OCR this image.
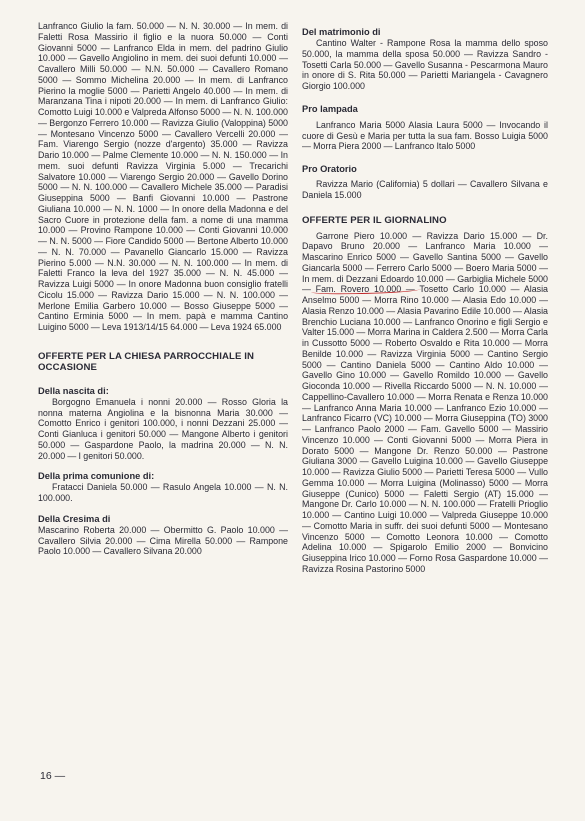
Lanfranco Giulio la fam. 50.000 — N. N. 30.000 — In mem. di Faletti Rosa Massirio il figlio e la nuora 50.000 — Conti Giovanni 5000 — Lanfranco Elda in mem. del padrino Giulio 10.000 — Gavello Angiolino in mem. dei suoi defunti 10.000 — Cavallero Milli 50.000 — N.N. 50.000 — Cavallero Romano 5000 — Sommo Michelina 20.000 — In mem. di Lanfranco Pierino la moglie 5000 — Parietti Angelo 40.000 — In mem. di Maranzana Tina i nipoti 20.000 — In mem. di Lanfranco Giulio: Comotto Luigi 10.000 e Valpreda Alfonso 5000 — N. N. 100.000 — Bergonzo Ferrero 10.000 — Ravizza Giulio (Valoppina) 5000 — Montesano Vincenzo 5000 — Cavallero Vercelli 20.000 — Fam. Viarengo Sergio (nozze d'argento) 35.000 — Ravizza Dario 10.000 — Palme Clemente 10.000 — N. N. 150.000 — In mem. suoi defunti Ravizza Virginia 5.000 — Trecarichi Salvatore 10.000 — Viarengo Sergio 20.000 — Gavello Dorino 5000 — N. N. 100.000 — Cavallero Michele 35.000 — Paradisi Giuseppina 5000 — Banfi Giovanni 10.000 — Pastrone Giuliana 10.000 — N. N. 1000 — In onore della Madonna e del Sacro Cuore in protezione della fam. a nome di una mamma 10.000 — Provino Rampone 10.000 — Conti Giovanni 10.000 — N. N. 5000 — Fiore Candido 5000 — Bertone Alberto 10.000 — N. N. 70.000 — Pavanello Giancarlo 15.000 — Ravizza Pierino 5.000 — N.N. 30.000 — N. N. 100.000 — In mem. di Faletti Franco la leva del 1927 35.000 — N. N. 45.000 — Ravizza Luigi 5000 — In onore Madonna buon consiglio fratelli Cicolu 15.000 — Ravizza Dario 15.000 — N. N. 100.000 — Merlone Emilia Garbero 10.000 — Bosso Giuseppe 5000 — Cantino Erminia 5000 — In mem. papà e mamma Cantino Luigino 5000 — Leva 1913/14/15 64.000 — Leva 1924 65.000

OFFERTE PER LA CHIESA PARROCCHIALE IN OCCASIONE

Della nascita di:

Borgogno Emanuela i nonni 20.000 — Rosso Gloria la nonna materna Angiolina e la bisnonna Maria 30.000 — Comotto Enrico i genitori 100.000, i nonni Dezzani 25.000 — Conti Gianluca i genitori 50.000 — Mangone Alberto i genitori 50.000 — Gaspardone Paolo, la madrina 20.000 — N. N. 20.000 — I genitori 50.000.

Della prima comunione di:

Fratacci Daniela 50.000 — Rasulo Angela 10.000 — N. N. 100.000.

Della Cresima di

Mascarino Roberta 20.000 — Obermitto G. Paolo 10.000 — Cavallero Silvia 20.000 — Cima Mirella 50.000 — Rampone Paolo 10.000 — Cavallero Silvana 20.000

Del matrimonio di

Cantino Walter - Rampone Rosa la mamma dello sposo 50.000, la mamma della sposa 50.000 — Ravizza Sandro - Tosetti Carla 50.000 — Gavello Susanna - Pescarmona Mauro in onore di S. Rita 50.000 — Parietti Mariangela - Cavagnero Giorgio 100.000

Pro lampada

Lanfranco Maria 5000 Alasia Laura 5000 — Invocando il cuore di Gesù e Maria per tutta la sua fam. Bosso Luigia 5000 — Morra Piera 2000 — Lanfranco Italo 5000

Pro Oratorio

Ravizza Mario (California) 5 dollari — Cavallero Silvana e Daniela 15.000

OFFERTE PER IL GIORNALINO

Garrone Piero 10.000 — Ravizza Dario 15.000 — Dr. Dapavo Bruno 20.000 — Lanfranco Maria 10.000 — Mascarino Enrico 5000 — Gavello Santina 5000 — Gavello Giancarla 5000 — Ferrero Carlo 5000 — Boero Maria 5000 — In mem. di Dezzani Edoardo 10.000 — Garbiglia Michele 5000 — Fam. Rovero 10.000 — Tosetto Carlo 10.000 — Alasia Anselmo 5000 — Morra Rino 10.000 — Alasia Edo 10.000 — Alasia Renzo 10.000 — Alasia Pavarino Edile 10.000 — Alasia Brenchio Luciana 10.000 — Lanfranco Onorino e figli Sergio e Valter 15.000 — Morra Marina in Caldera 2.500 — Morra Carla in Cussotto 5000 — Roberto Osvaldo e Rita 10.000 — Morra Benilde 10.000 — Ravizza Virginia 5000 — Cantino Sergio 5000 — Cantino Daniela 5000 — Cantino Aldo 10.000 — Gavello Gino 10.000 — Gavello Romildo 10.000 — Gavello Gioconda 10.000 — Rivella Riccardo 5000 — N. N. 10.000 — Cappellino-Cavallero 10.000 — Morra Renata e Renza 10.000 — Lanfranco Anna Maria 10.000 — Lanfranco Ezio 10.000 — Lanfranco Ficarro (VC) 10.000 — Morra Giuseppina (TO) 3000 — Lanfranco Paolo 2000 — Fam. Gavello 5000 — Massirio Vincenzo 10.000 — Conti Giovanni 5000 — Morra Piera in Dorato 5000 — Mangone Dr. Renzo 50.000 — Pastrone Giuliana 3000 — Gavello Luigina 10.000 — Gavello Giuseppe 10.000 — Ravizza Giulio 5000 — Parietti Teresa 5000 — Vullo Gemma 10.000 — Morra Luigina (Molinasso) 5000 — Morra Giuseppe (Cunico) 5000 — Faletti Sergio (AT) 15.000 — Mangone Dr. Carlo 10.000 — N. N. 100.000 — Fratelli Prioglio 10.000 — Cantino Luigi 10.000 — Valpreda Giuseppe 10.000 — Comotto Maria in suffr. dei suoi defunti 5000 — Montesano Vincenzo 5000 — Comotto Leonora 10.000 — Comotto Adelina 10.000 — Spigarolo Emilio 2000 — Bonvicino Giuseppina Irico 10.000 — Forno Rosa Gaspardone 10.000 — Ravizza Rosina Pastorino 5000

16 —
